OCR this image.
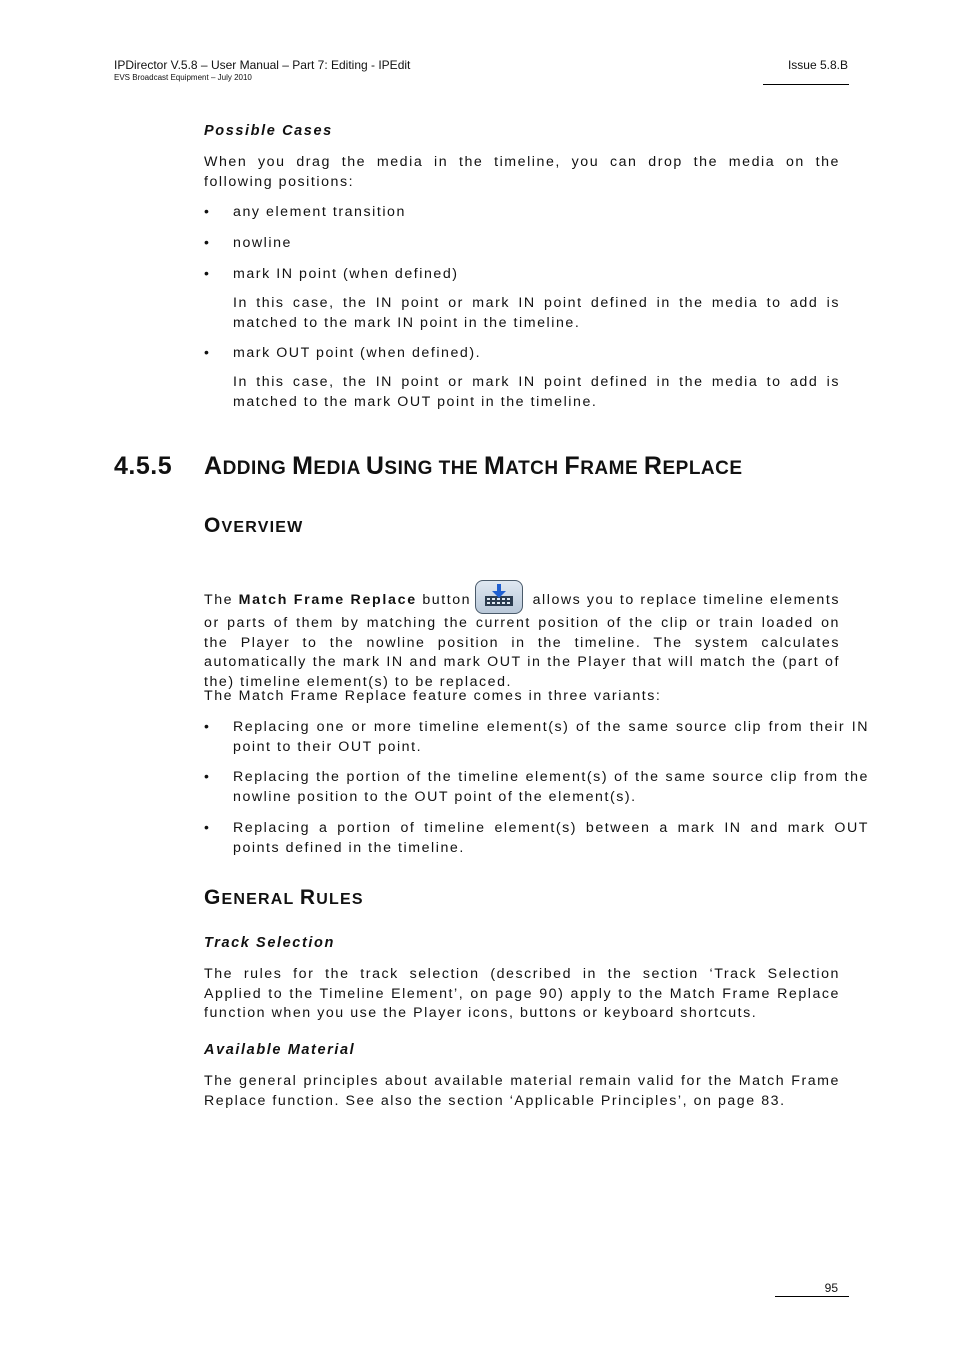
IPDirector V.5.8 – User Manual – Part 7: Editing - IPEdit
EVS Broadcast Equipment – July 2010
Issue 5.8.B

Possible Cases

When you drag the media in the timeline, you can drop the media on the following positions:

• any element transition

• nowline

• mark IN point (when defined)

In this case, the IN point or mark IN point defined in the media to add is matched to the mark IN point in the timeline.

• mark OUT point (when defined).

In this case, the IN point or mark IN point defined in the media to add is matched to the mark OUT point in the timeline.

ADDING MEDIA USING THE MATCH FRAME REPLACE

OVERVIEW

The Match Frame Replace button	allows you to replace timeline elements or parts of them by matching the current position of the clip or train loaded on the Player to the nowline position in the timeline. The system calculates automatically the mark IN and mark OUT in the Player that will match the (part of the) timeline element(s) to be replaced.

The Match Frame Replace feature comes in three variants:

• Replacing one or more timeline element(s) of the same source clip from their IN point to their OUT point.

• Replacing the portion of the timeline element(s) of the same source clip from the nowline position to the OUT point of the element(s).

• Replacing a portion of timeline element(s) between a mark IN and mark OUT points defined in the timeline.

GENERAL RULES

Track Selection

The rules for the track selection (described in the section ‘Track Selection Applied to the Timeline Element’, on page 90) apply to the Match Frame Replace function when you use the Player icons, buttons or keyboard shortcuts.

Available Material

The general principles about available material remain valid for the Match Frame Replace function. See also the section ‘Applicable Principles’, on page 83.

4.5.5
95
